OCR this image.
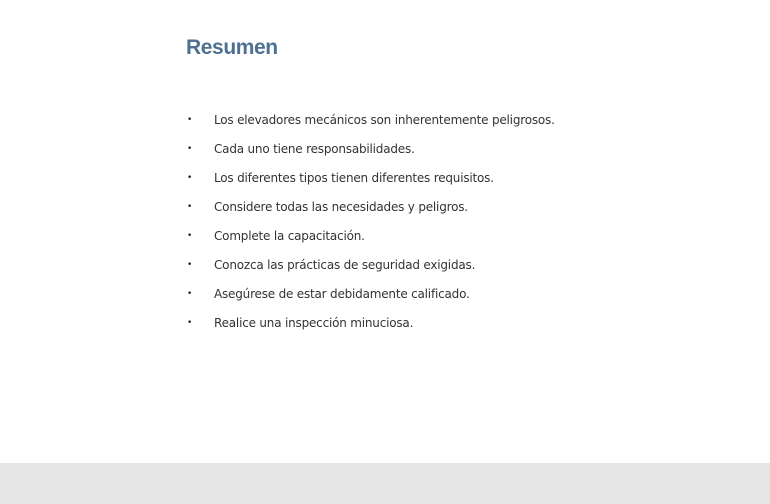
Resumen
•	Los elevadores mecánicos son inherentemente peligrosos.
•	Cada uno tiene responsabilidades.
•	Los diferentes tipos tienen diferentes requisitos.
•	Considere todas las necesidades y peligros.
•	Complete la capacitación.
•	Conozca las prácticas de seguridad exigidas.
•	Asegúrese de estar debidamente calificado.
•	Realice una inspección minuciosa.
